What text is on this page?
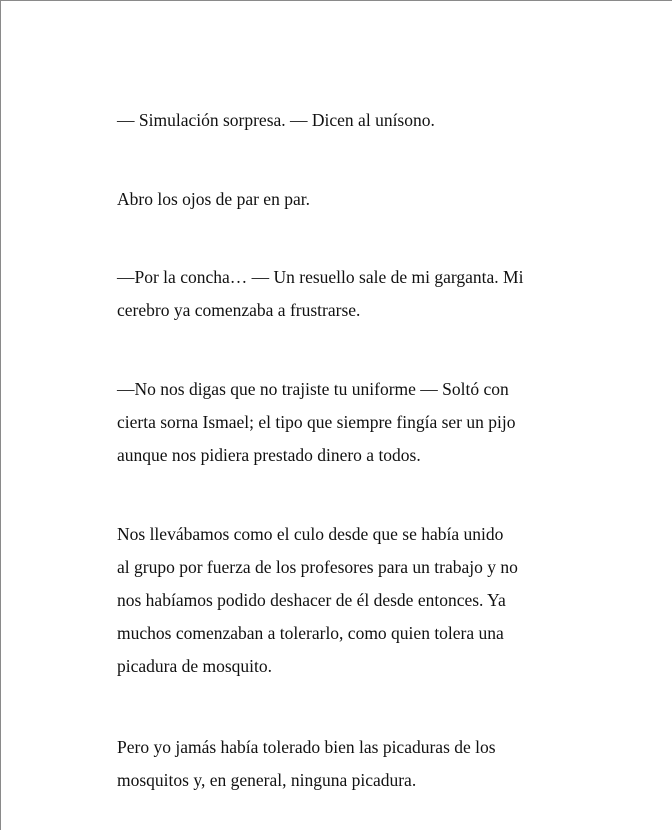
— Simulación sorpresa. — Dicen al unísono.

Abro los ojos de par en par.

—Por la concha… — Un resuello sale de mi garganta. Mi
cerebro ya comenzaba a frustrarse.

—No nos digas que no trajiste tu uniforme — Soltó con
cierta sorna Ismael; el tipo que siempre fingía ser un pijo
aunque nos pidiera prestado dinero a todos.

Nos llevábamos como el culo desde que se había unido
al grupo por fuerza de los profesores para un trabajo y no
nos habíamos podido deshacer de él desde entonces. Ya
muchos comenzaban a tolerarlo, como quien tolera una
picadura de mosquito.

Pero yo jamás había tolerado bien las picaduras de los
mosquitos y, en general, ninguna picadura.
